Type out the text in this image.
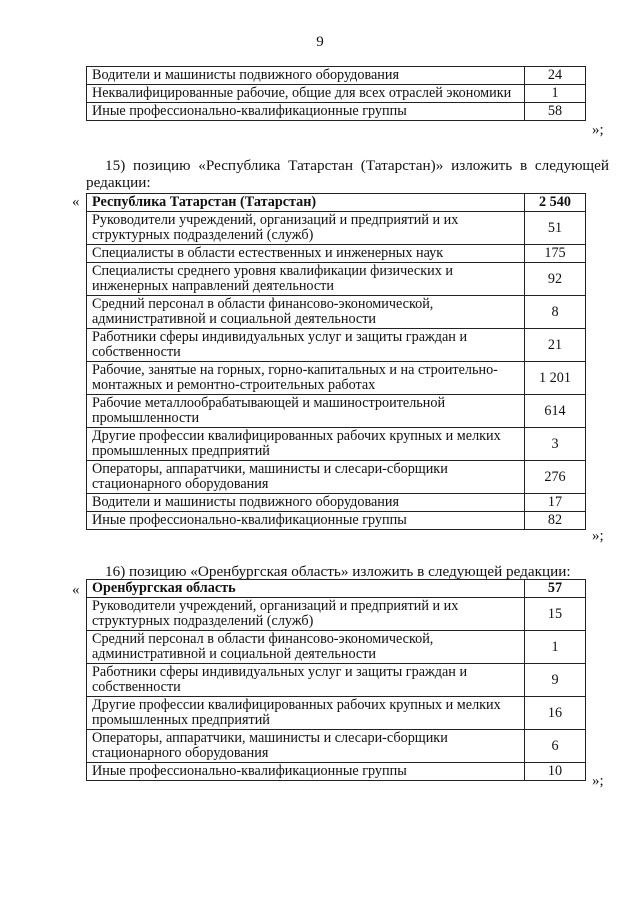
9
Водители и машинисты подвижного оборудования	24
Неквалифицированные рабочие, общие для всех отраслей экономики	1
Иные профессионально-квалификационные группы	58
»;
15) позицию «Республика Татарстан (Татарстан)» изложить в следующей
редакции:
« Республика Татарстан (Татарстан)	2 540
Руководители учреждений, организаций и предприятий и их структурных подразделений (служб)	51
Специалисты в области естественных и инженерных наук	175
Специалисты среднего уровня квалификации физических и инженерных направлений деятельности	92
Средний персонал в области финансово-экономической, административной и социальной деятельности	8
Работники сферы индивидуальных услуг и защиты граждан и собственности	21
Рабочие, занятые на горных, горно-капитальных и на строительно-монтажных и ремонтно-строительных работах	1 201
Рабочие металлообрабатывающей и машиностроительной промышленности	614
Другие профессии квалифицированных рабочих крупных и мелких промышленных предприятий	3
Операторы, аппаратчики, машинисты и слесари-сборщики стационарного оборудования	276
Водители и машинисты подвижного оборудования	17
Иные профессионально-квалификационные группы	82
»;
16) позицию «Оренбургская область» изложить в следующей редакции:
« Оренбургская область	57
Руководители учреждений, организаций и предприятий и их структурных подразделений (служб)	15
Средний персонал в области финансово-экономической, административной и социальной деятельности	1
Работники сферы индивидуальных услуг и защиты граждан и собственности	9
Другие профессии квалифицированных рабочих крупных и мелких промышленных предприятий	16
Операторы, аппаратчики, машинисты и слесари-сборщики стационарного оборудования	6
Иные профессионально-квалификационные группы	10
»;
